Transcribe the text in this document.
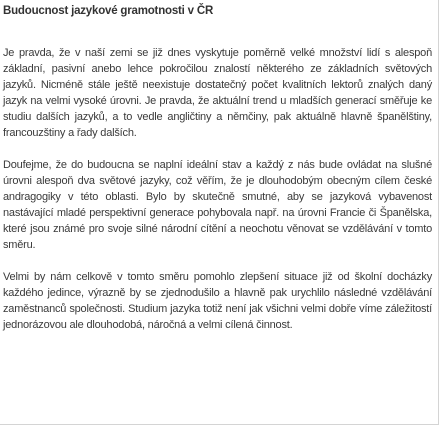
Budoucnost jazykové gramotnosti v ČR

Je pravda, že v naší zemi se již dnes vyskytuje poměrně velké množství lidí s alespoň základní, pasivní anebo lehce pokročilou znalostí některého ze základních světových jazyků. Nicméně stále ještě neexistuje dostatečný počet kvalitních lektorů znalých daný jazyk na velmi vysoké úrovni. Je pravda, že aktuální trend u mladších generací směřuje ke studiu dalších jazyků, a to vedle angličtiny a němčiny, pak aktuálně hlavně španělštiny, francouzštiny a řady dalších.

Doufejme, že do budoucna se naplní ideální stav a každý z nás bude ovládat na slušné úrovni alespoň dva světové jazyky, což věřím, že je dlouhodobým obecným cílem české andragogiky v této oblasti. Bylo by skutečně smutné, aby se jazyková vybavenost nastávající mladé perspektivní generace pohybovala např. na úrovni Francie či Španělska, které jsou známé pro svoje silné národní cítění a neochotu věnovat se vzdělávání v tomto směru.

Velmi by nám celkově v tomto směru pomohlo zlepšení situace již od školní docházky každého jedince, výrazně by se zjednodušilo a hlavně pak urychlilo následné vzdělávání zaměstnanců společnosti. Studium jazyka totiž není jak všichni velmi dobře víme záležitostí jednorázovou ale dlouhodobá, náročná a velmi cílená činnost.
